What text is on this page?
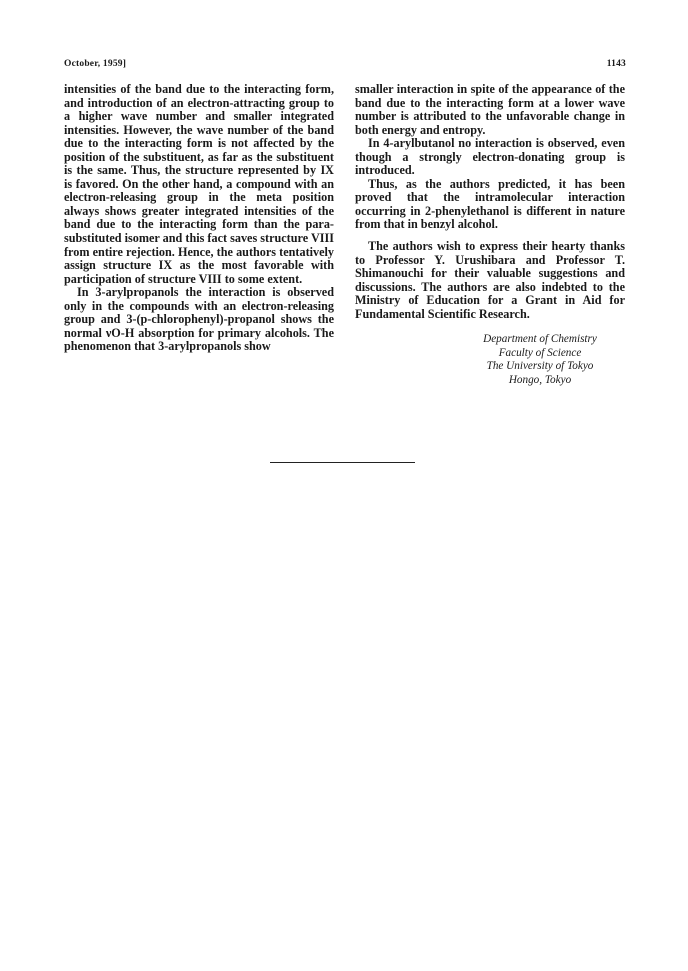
October, 1959]	1143

intensities of the band due to the interacting form, and introduction of an electron-attracting group to a higher wave number and smaller integrated intensities. However, the wave number of the band due to the interacting form is not affected by the position of the substituent, as far as the substituent is the same. Thus, the structure represented by IX is favored. On the other hand, a compound with an electron-releasing group in the meta position always shows greater integrated intensities of the band due to the interacting form than the para-substituted isomer and this fact saves structure VIII from entire rejection. Hence, the authors tentatively assign structure IX as the most favorable with participation of structure VIII to some extent.

In 3-arylpropanols the interaction is observed only in the compounds with an electron-releasing group and 3-(p-chlorophenyl)-propanol shows the normal νO-H absorption for primary alcohols. The phenomenon that 3-arylpropanols show

smaller interaction in spite of the appearance of the band due to the interacting form at a lower wave number is attributed to the unfavorable change in both energy and entropy.

In 4-arylbutanol no interaction is observed, even though a strongly electron-donating group is introduced.

Thus, as the authors predicted, it has been proved that the intramolecular interaction occurring in 2-phenylethanol is different in nature from that in benzyl alcohol.

The authors wish to express their hearty thanks to Professor Y. Urushibara and Professor T. Shimanouchi for their valuable suggestions and discussions. The authors are also indebted to the Ministry of Education for a Grant in Aid for Fundamental Scientific Research.

Department of Chemistry
Faculty of Science
The University of Tokyo
Hongo, Tokyo
